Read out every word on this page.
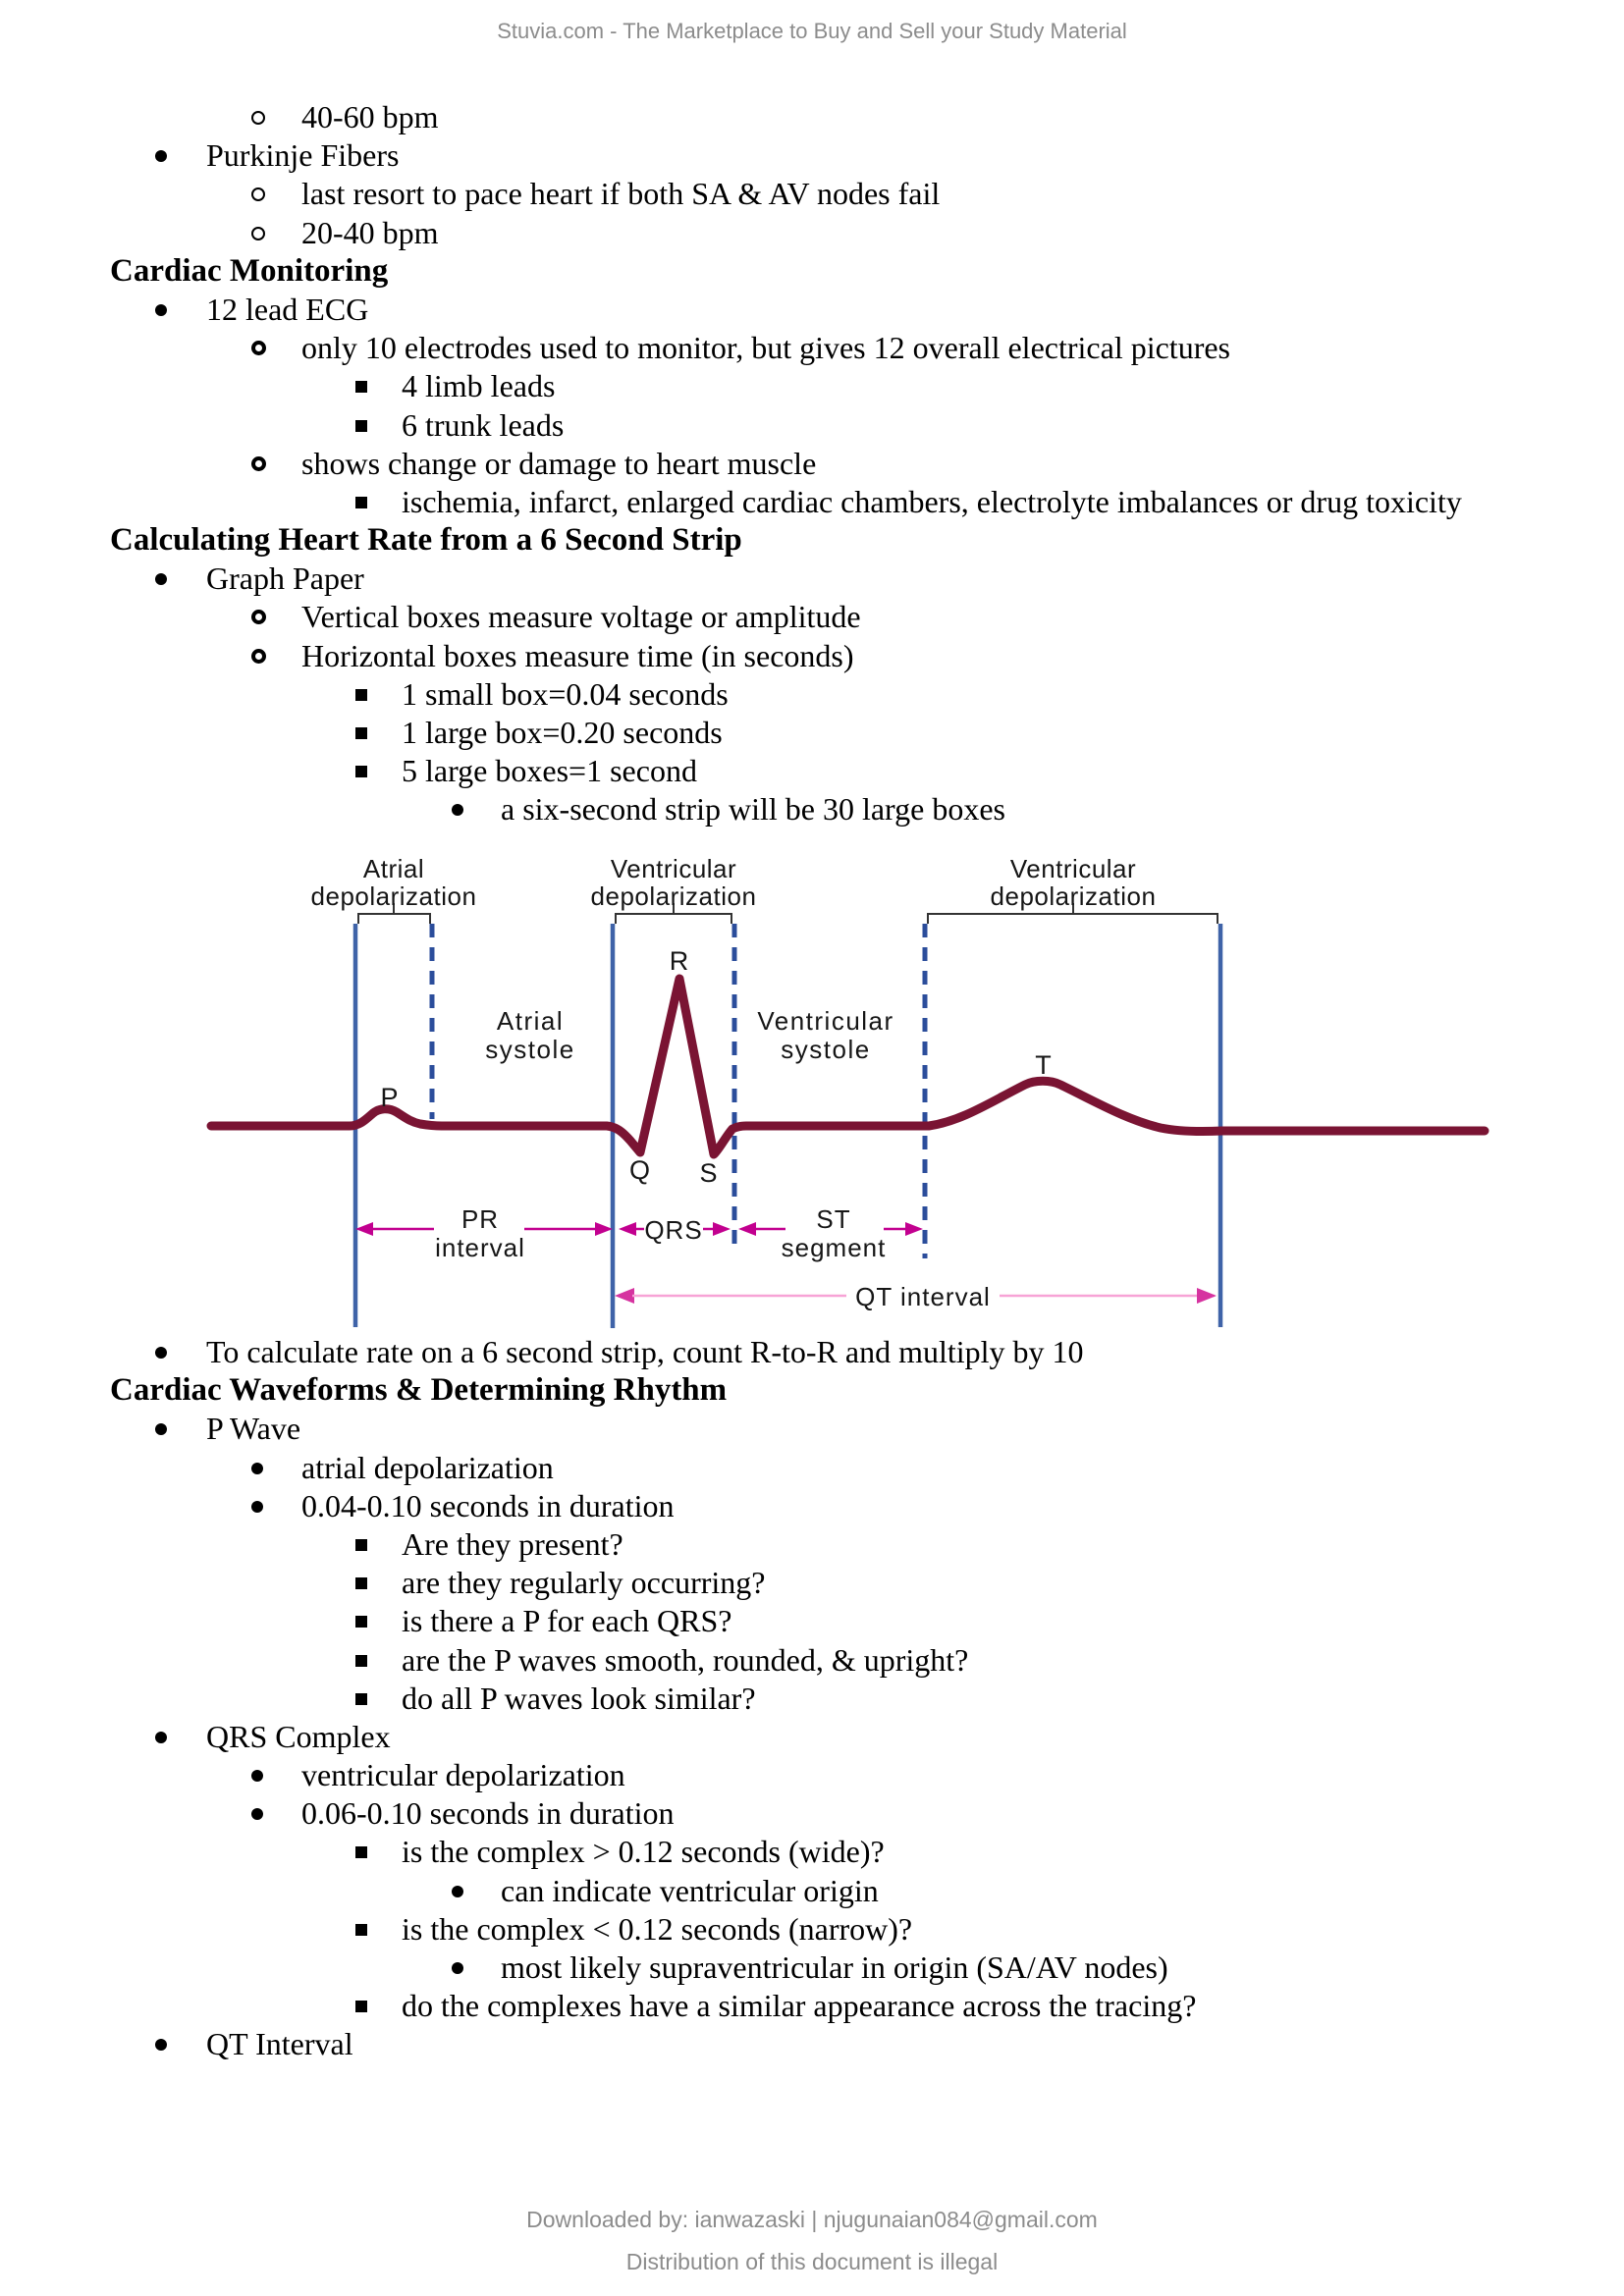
Stuvia.com - The Marketplace to Buy and Sell your Study Material
40-60 bpm
Purkinje Fibers
last resort to pace heart if both SA & AV nodes fail
20-40 bpm
Cardiac Monitoring
12 lead ECG
only 10 electrodes used to monitor, but gives 12 overall electrical pictures
4 limb leads
6 trunk leads
shows change or damage to heart muscle
ischemia, infarct, enlarged cardiac chambers, electrolyte imbalances or drug toxicity
Calculating Heart Rate from a 6 Second Strip
Graph Paper
Vertical boxes measure voltage or amplitude
Horizontal boxes measure time (in seconds)
1 small box=0.04 seconds
1 large box=0.20 seconds
5 large boxes=1 second
a six-second strip will be 30 large boxes
Atrial
depolarization
Ventricular
depolarization
Ventricular
depolarization
Atrial
systole
Ventricular
systole
P
Q
R
S
T
PR
interval
QRS	ST
segment
QT interval
To calculate rate on a 6 second strip, count R-to-R and multiply by 10
Cardiac Waveforms & Determining Rhythm
P Wave
atrial depolarization
0.04-0.10 seconds in duration
Are they present?
are they regularly occurring?
is there a P for each QRS?
are the P waves smooth, rounded, & upright?
do all P waves look similar?
QRS Complex
ventricular depolarization
0.06-0.10 seconds in duration
is the complex > 0.12 seconds (wide)?
can indicate ventricular origin
is the complex < 0.12 seconds (narrow)?
most likely supraventricular in origin (SA/AV nodes)
do the complexes have a similar appearance across the tracing?
QT Interval
Downloaded by: ianwazaski | njugunaian084@gmail.com
Distribution of this document is illegal
